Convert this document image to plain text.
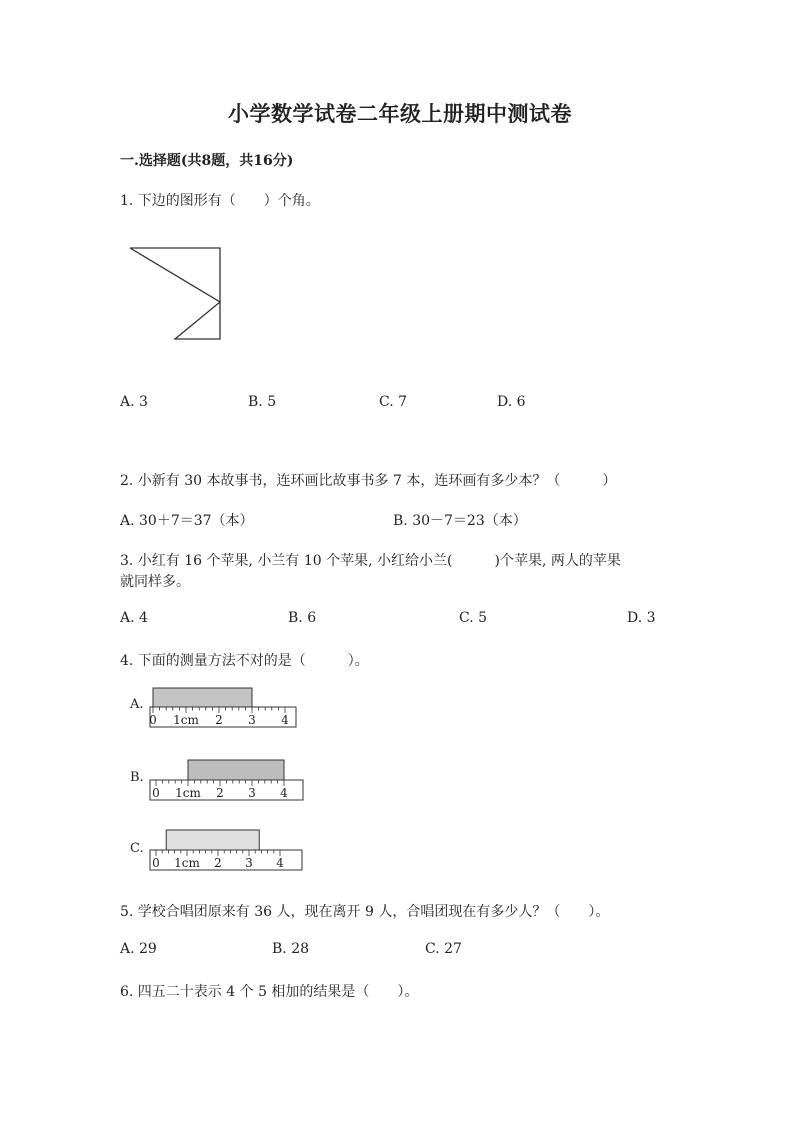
小学数学试卷二年级上册期中测试卷
一.选择题(共8题，共16分)
1. 下边的图形有（　　）个角。
A. 3	B. 5	C. 7	D. 6
2. 小新有 30 本故事书，连环画比故事书多 7 本，连环画有多少本？（　　　）
A. 30＋7＝37（本）	B. 30－7＝23（本）
3. 小红有 16 个苹果, 小兰有 10 个苹果, 小红给小兰(　　　)个苹果, 两人的苹果
就同样多。
A. 4	B. 6	C. 5	D. 3
4. 下面的测量方法不对的是（　　　）。
A.
0 1cm 2 3 4
B.
0 1cm 2 3 4
C.
0 1cm 2 3 4
5. 学校合唱团原来有 36 人，现在离开 9 人，合唱团现在有多少人？（　　）。
A. 29	B. 28	C. 27
6. 四五二十表示 4 个 5 相加的结果是（　　）。
